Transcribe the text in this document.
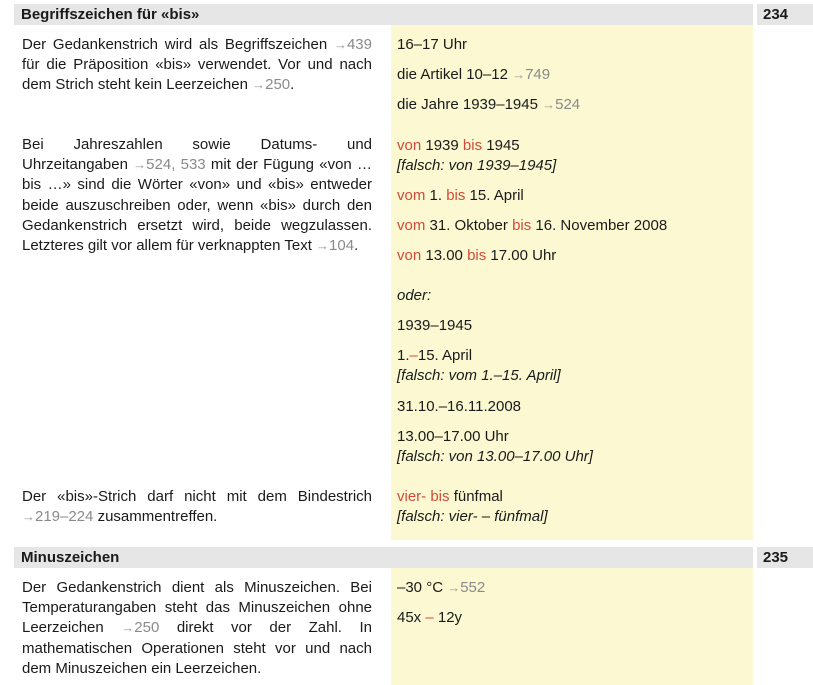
Begriffszeichen für «bis»	234
Der Gedankenstrich wird als Begriffszeichen →439 für die Präposition «bis» verwendet. Vor und nach dem Strich steht kein Leerzeichen →250.
Bei Jahreszahlen sowie Datums- und Uhrzeitangaben →524, 533 mit der Fügung «von … bis …» sind die Wörter «von» und «bis» entweder beide auszuschreiben oder, wenn «bis» durch den Gedankenstrich ersetzt wird, beide wegzulassen. Letzteres gilt vor allem für verknappten Text →104.
Der «bis»-Strich darf nicht mit dem Bindestrich →219–224 zusammentreffen.
16–17 Uhr
die Artikel 10–12 →749
die Jahre 1939–1945 →524
von 1939 bis 1945
[falsch: von 1939–1945]
vom 1. bis 15. April
vom 31. Oktober bis 16. November 2008
von 13.00 bis 17.00 Uhr
oder:
1939–1945
1.–15. April
[falsch: vom 1.–15. April]
31.10.–16.11.2008
13.00–17.00 Uhr
[falsch: von 13.00–17.00 Uhr]
vier- bis fünfmal
[falsch: vier- – fünfmal]
Minuszeichen	235
Der Gedankenstrich dient als Minuszeichen. Bei Temperaturangaben steht das Minuszeichen ohne Leerzeichen →250 direkt vor der Zahl. In mathematischen Operationen steht vor und nach dem Minuszeichen ein Leerzeichen.
–30 °C →552
45x – 12y
